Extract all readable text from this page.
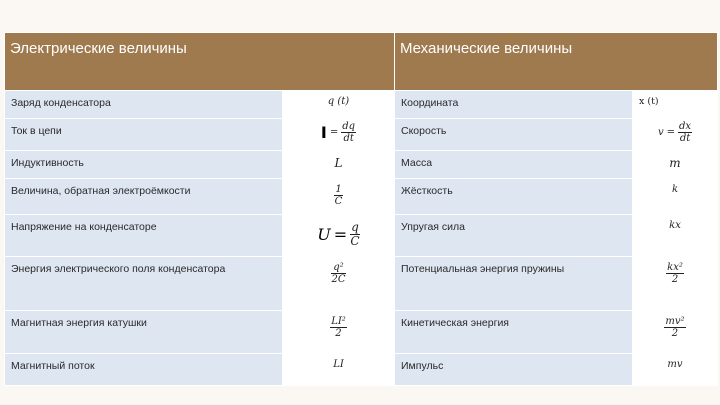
Электрические величины		Механические величины	

Заряд конденсатора	q (t)	Координата	x (t)

Ток в цепи	$I = \frac{dq}{dt}$	Скорость	$v = \frac{dx}{dt}$

Индуктивность	L	Масса	m

Величина, обратная электроёмкости	$\frac{1}{C}$	Жёсткость	k

Напряжение на конденсаторе	$U = \frac{q}{C}$	Упругая сила	kx

Энергия электрического поля конденсатора	$\frac{\text{q²}}{2C}$	Потенциальная энергия пружины	$\frac{\text{kx²}}{2}$

Магнитная энергия катушки	$\frac{\text{LI²}}{2}$	Кинетическая энергия	$\frac{\text{mv²}}{2}$

Магнитный поток	LI	Импульс	mv
